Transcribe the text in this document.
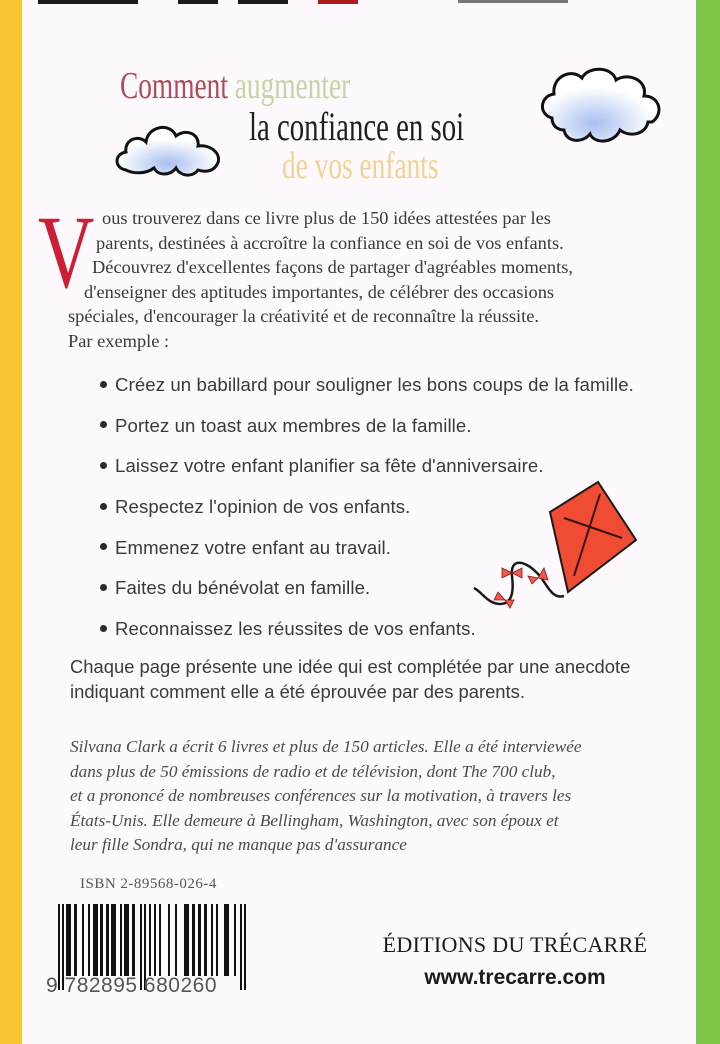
Comment augmenter
la confiance en soi
de vos enfants
V ous trouverez dans ce livre plus de 150 idées attestées par les
parents, destinées à accroître la confiance en soi de vos enfants.
Découvrez d'excellentes façons de partager d'agréables moments,
d'enseigner des aptitudes importantes, de célébrer des occasions
spéciales, d'encourager la créativité et de reconnaître la réussite.
Par exemple :
Créez un babillard pour souligner les bons coups de la famille.
Portez un toast aux membres de la famille.
Laissez votre enfant planifier sa fête d'anniversaire.
Respectez l'opinion de vos enfants.
Emmenez votre enfant au travail.
Faites du bénévolat en famille.
Reconnaissez les réussites de vos enfants.
Chaque page présente une idée qui est complétée par une anecdote
indiquant comment elle a été éprouvée par des parents.
Silvana Clark a écrit 6 livres et plus de 150 articles. Elle a été interviewée
dans plus de 50 émissions de radio et de télévision, dont The 700 club,
et a prononcé de nombreuses conférences sur la motivation, à travers les
États-Unis. Elle demeure à Bellingham, Washington, avec son époux et
leur fille Sondra, qui ne manque pas d'assurance
ISBN 2-89568-026-4
9 782895 680260
ÉDITIONS DU TRÉCARRÉ
www.trecarre.com
